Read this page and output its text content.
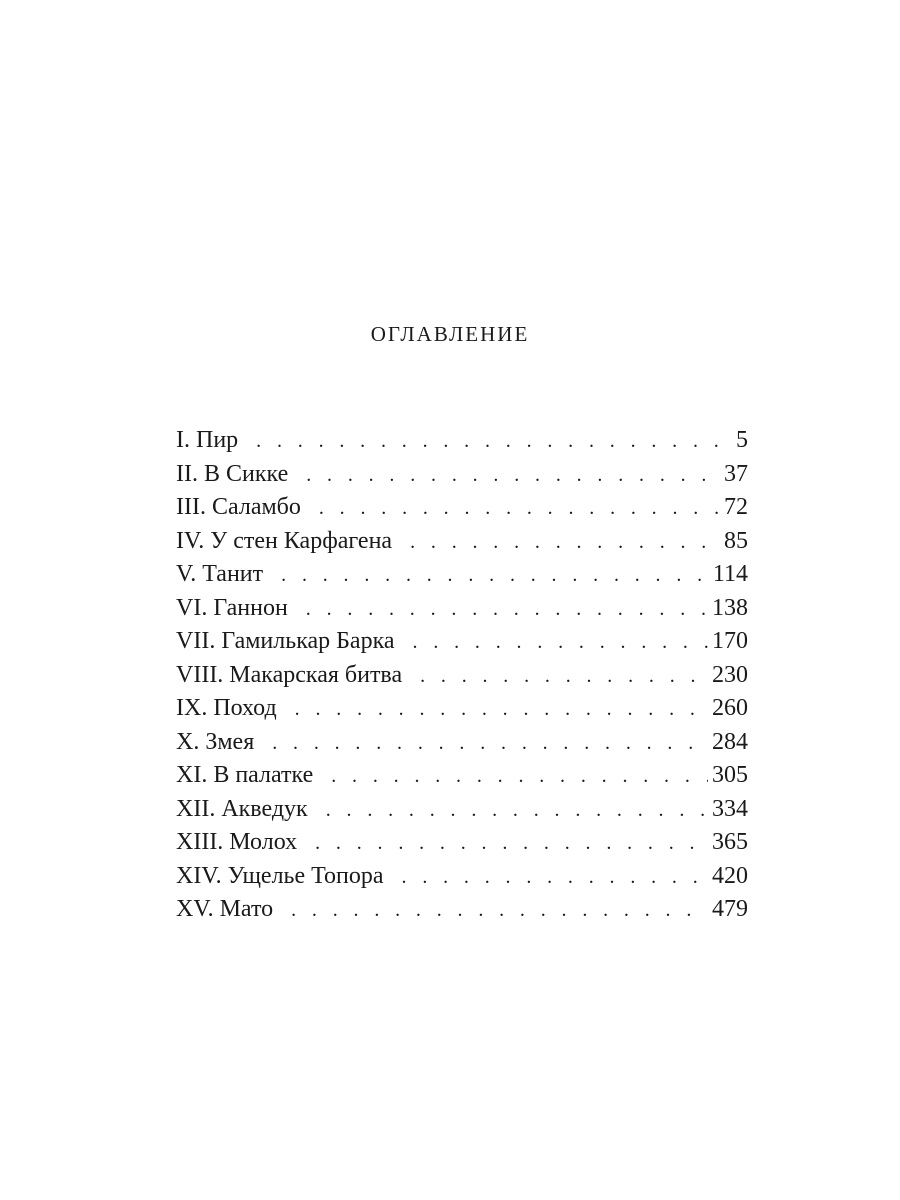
оглавление
I. Пир . . .	5
II. В Сикке . . .	37
III. Саламбо . . .	72
IV. У стен Карфагена . . .	85
V. Танит . . .	114
VI. Ганнон . . .	138
VII. Гамилькар Барка . . .	170
VIII. Макарская битва . . .	230
IX. Поход . . .	260
X. Змея . . .	284
XI. В палатке . . .	305
XII. Акведук . . .	334
XIII. Молох . . .	365
XIV. Ущелье Топора . . .	420
XV. Мато . . .	479
